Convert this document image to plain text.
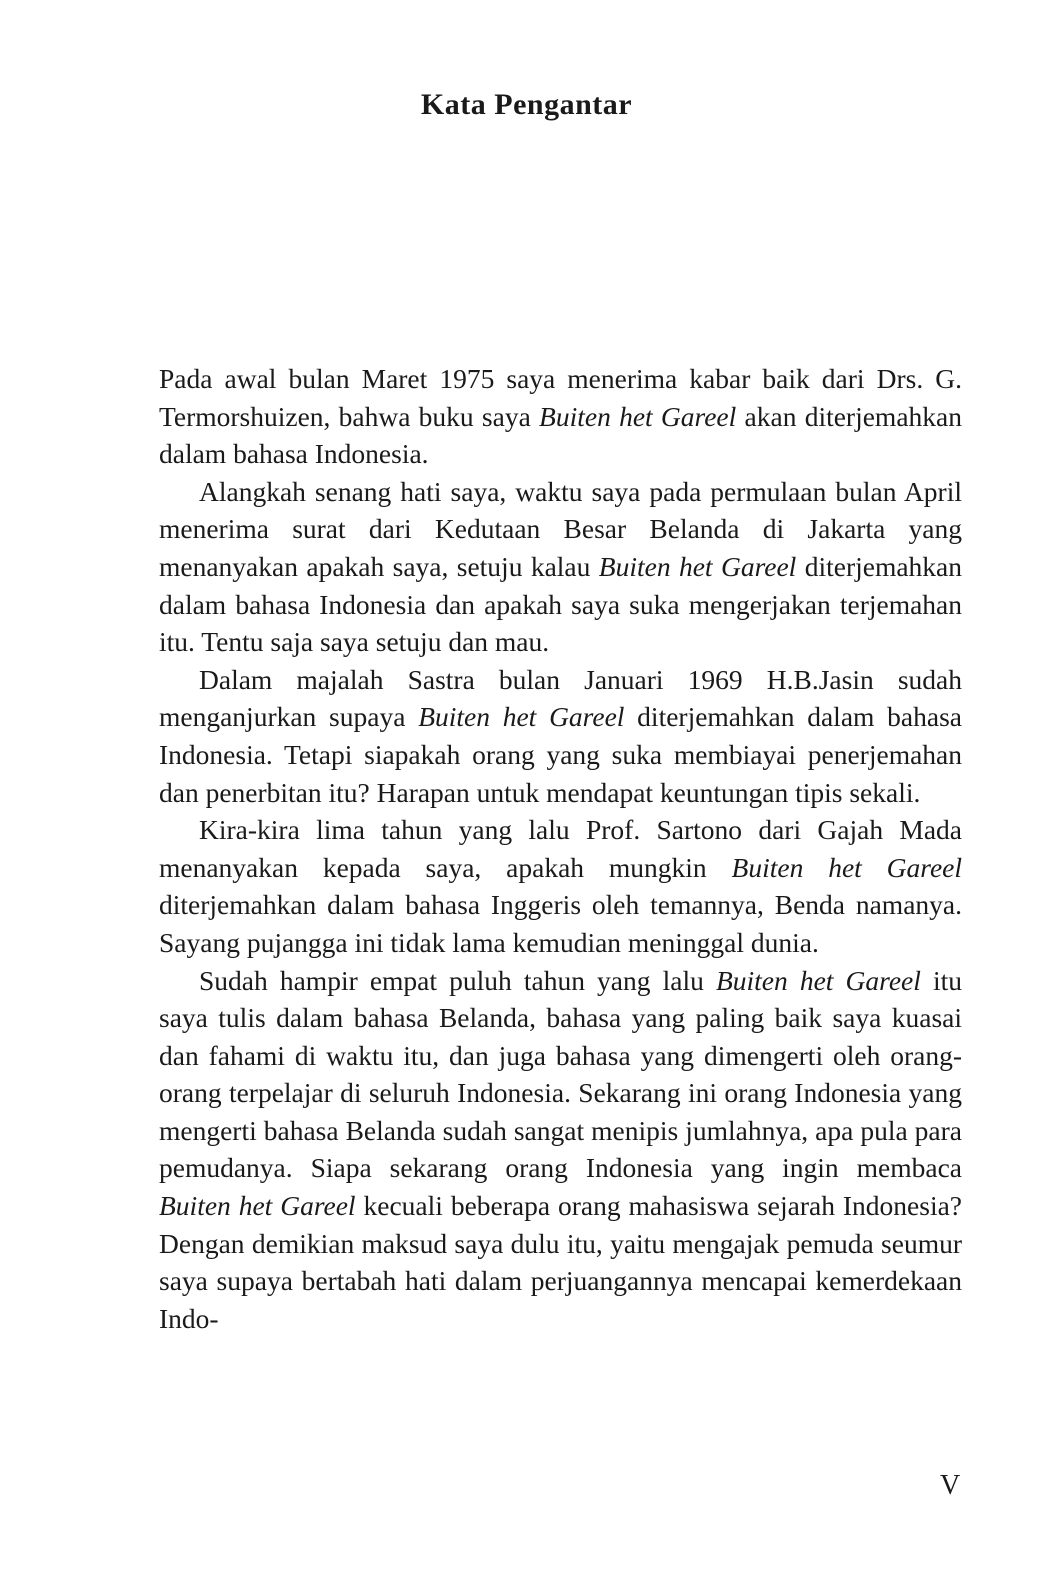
Kata Pengantar

Pada awal bulan Maret 1975 saya menerima kabar baik dari Drs. G. Termorshuizen, bahwa buku saya Buiten het Gareel akan diterjemahkan dalam bahasa Indonesia.

Alangkah senang hati saya, waktu saya pada permulaan bulan April menerima surat dari Kedutaan Besar Belanda di Jakarta yang menanyakan apakah saya, setuju kalau Buiten het Gareel diterjemahkan dalam bahasa Indonesia dan apakah saya suka mengerjakan terjemahan itu. Tentu saja saya setuju dan mau.

Dalam majalah Sastra bulan Januari 1969 H.B.Jasin sudah menganjurkan supaya Buiten het Gareel diterjemahkan dalam bahasa Indonesia. Tetapi siapakah orang yang suka membiayai penerjemahan dan penerbitan itu? Harapan untuk mendapat keuntungan tipis sekali.

Kira-kira lima tahun yang lalu Prof. Sartono dari Gajah Mada menanyakan kepada saya, apakah mungkin Buiten het Gareel diterjemahkan dalam bahasa Inggeris oleh temannya, Benda namanya. Sayang pujangga ini tidak lama kemudian meninggal dunia.

Sudah hampir empat puluh tahun yang lalu Buiten het Gareel itu saya tulis dalam bahasa Belanda, bahasa yang paling baik saya kuasai dan fahami di waktu itu, dan juga bahasa yang dimengerti oleh orang-orang terpelajar di seluruh Indonesia. Sekarang ini orang Indonesia yang mengerti bahasa Belanda sudah sangat menipis jumlahnya, apa pula para pemudanya. Siapa sekarang orang Indonesia yang ingin membaca Buiten het Gareel kecuali beberapa orang mahasiswa sejarah Indonesia? Dengan demikian maksud saya dulu itu, yaitu mengajak pemuda seumur saya supaya bertabah hati dalam perjuangannya mencapai kemerdekaan Indo-

V
